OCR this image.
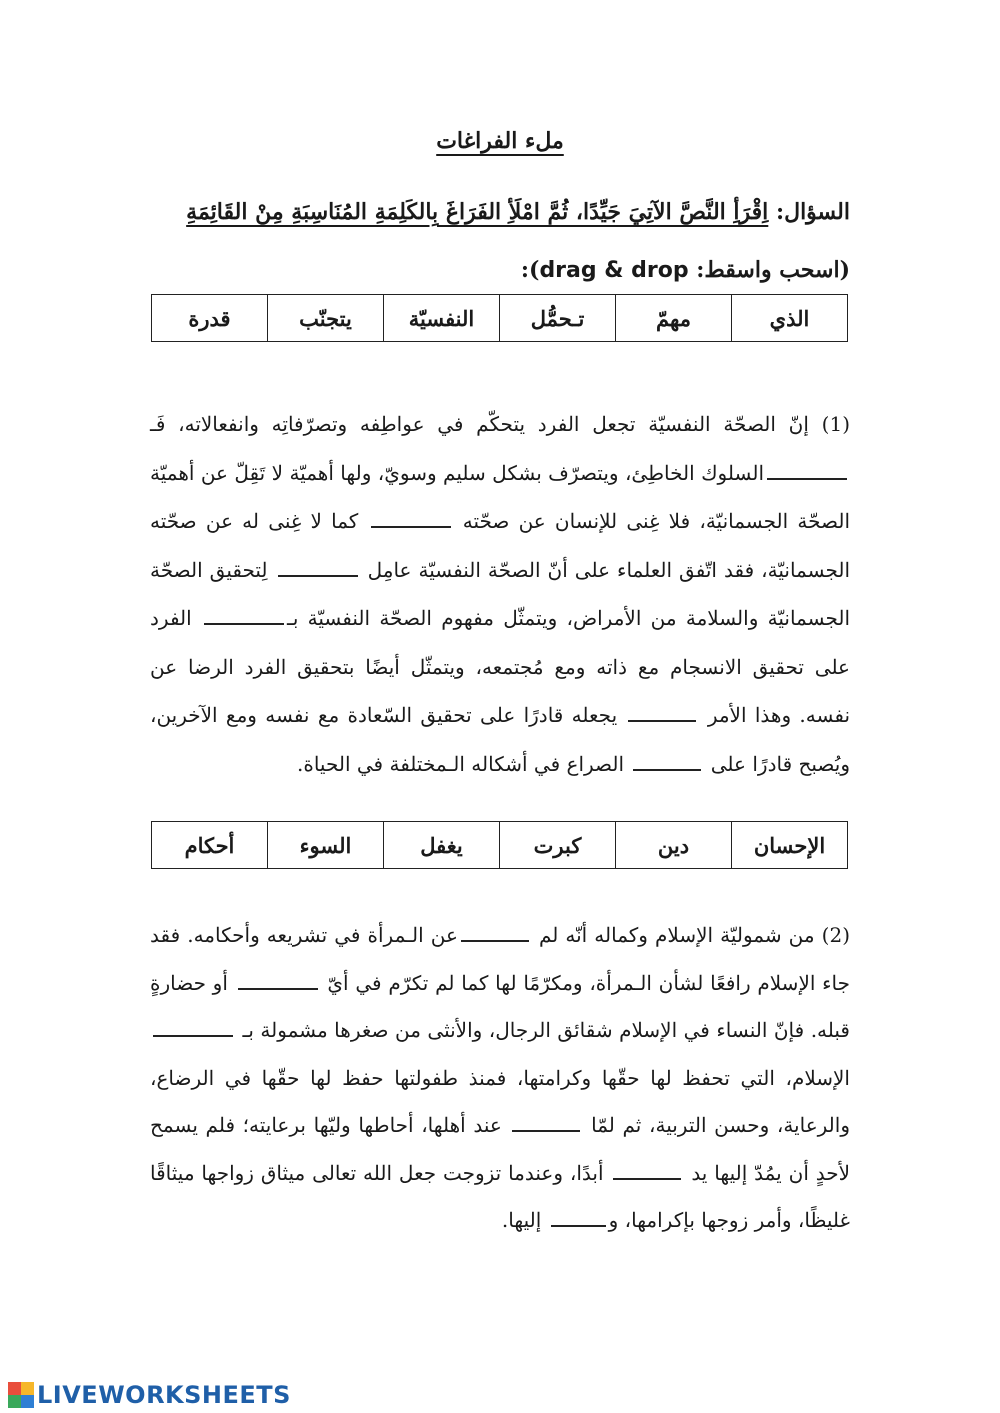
ملء الفراغات
السؤال: اِقْرَأِ النَّصَّ الآتِيَ جَيِّدًا، ثُمَّ امْلَأِ الفَرَاغَ بِالكَلِمَةِ المُنَاسِبَةِ مِنْ القَائِمَةِ (اسحب واسقط: drag & drop):
الذي	مهمّ	تـحمُّل	النفسيّة	يتجنّب	قدرة
(1) إنّ الصحّة النفسيّة تجعل الفرد يتحكّم في عواطِفه وتصرّفاتِه وانفعالاته، فَـالسلوك الخاطِئ، ويتصرّف بشكل سليم وسويّ، ولها أهميّة لا تَقِلّ عن أهميّة الصحّة الجسمانيّة، فلا غِنى للإنسان عن صحّته  كما لا غِنى له عن صحّته الجسمانيّة، فقد اتّفق العلماء على أنّ الصحّة النفسيّة عامِل  لِتحقيق الصحّة الجسمانيّة والسلامة من الأمراض، ويتمثّل مفهوم الصحّة النفسيّة بـ الفرد على تحقيق الانسجام مع ذاته ومع مُجتمعه، ويتمثّل أيضًا بتحقيق الفرد الرضا عن نفسه. وهذا الأمر  يجعله قادرًا على تحقيق السّعادة مع نفسه ومع الآخرين، ويُصبح قادرًا على  الصراع في أشكاله الـمختلفة في الحياة.
الإحسان	دين	كبرت	يغفل	السوء	أحكام
(2) من شموليّة الإسلام وكماله أنّه لم عن الـمرأة في تشريعه وأحكامه. فقد جاء الإسلام رافعًا لشأن الـمرأة، ومكرّمًا لها كما لم تكرّم في أيّ  أو حضارةٍ قبله. فإنّ النساء في الإسلام شقائق الرجال، والأنثى من صغرها مشمولة بـ  الإسلام، التي تحفظ لها حقّها وكرامتها، فمنذ طفولتها حفظ لها حقّها في الرضاع، والرعاية، وحسن التربية، ثم لمّا  عند أهلها، أحاطها وليّها برعايته؛ فلم يسمح لأحدٍ أن يمُدّ إليها يد  أبدًا، وعندما تزوجت جعل الله تعالى ميثاق زواجها ميثاقًا غليظًا، وأمر زوجها بإكرامها، و إليها.
LIVEWORKSHEETS
